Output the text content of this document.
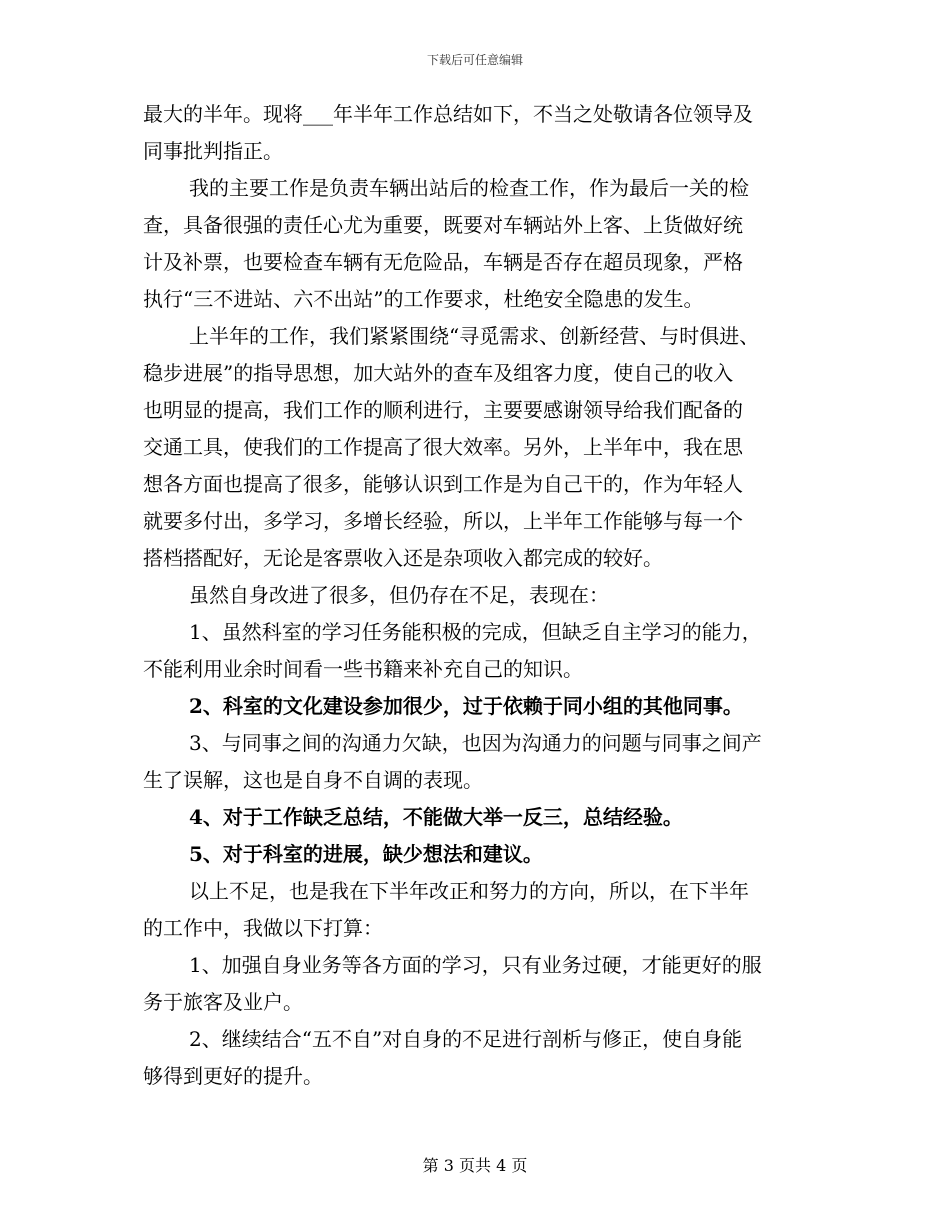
下载后可任意编辑

最大的半年。现将___年半年工作总结如下，不当之处敬请各位领导及

同事批判指正。

我的主要工作是负责车辆出站后的检查工作，作为最后一关的检

查，具备很强的责任心尤为重要，既要对车辆站外上客、上货做好统

计及补票，也要检查车辆有无危险品，车辆是否存在超员现象，严格

执行“三不进站、六不出站”的工作要求，杜绝安全隐患的发生。

上半年的工作，我们紧紧围绕“寻觅需求、创新经营、与时俱进、

稳步进展”的指导思想，加大站外的查车及组客力度，使自己的收入

也明显的提高，我们工作的顺利进行，主要要感谢领导给我们配备的

交通工具，使我们的工作提高了很大效率。另外，上半年中，我在思

想各方面也提高了很多，能够认识到工作是为自己干的，作为年轻人

就要多付出，多学习，多增长经验，所以，上半年工作能够与每一个

搭档搭配好，无论是客票收入还是杂项收入都完成的较好。

虽然自身改进了很多，但仍存在不足，表现在：

1、虽然科室的学习任务能积极的完成，但缺乏自主学习的能力，

不能利用业余时间看一些书籍来补充自己的知识。

2、科室的文化建设参加很少，过于依赖于同小组的其他同事。

3、与同事之间的沟通力欠缺，也因为沟通力的问题与同事之间产

生了误解，这也是自身不自调的表现。

4、对于工作缺乏总结，不能做大举一反三，总结经验。

5、对于科室的进展，缺少想法和建议。

以上不足，也是我在下半年改正和努力的方向，所以，在下半年

的工作中，我做以下打算：

1、加强自身业务等各方面的学习，只有业务过硬，才能更好的服

务于旅客及业户。

2、继续结合“五不自”对自身的不足进行剖析与修正，使自身能

够得到更好的提升。

第 3 页共 4 页
